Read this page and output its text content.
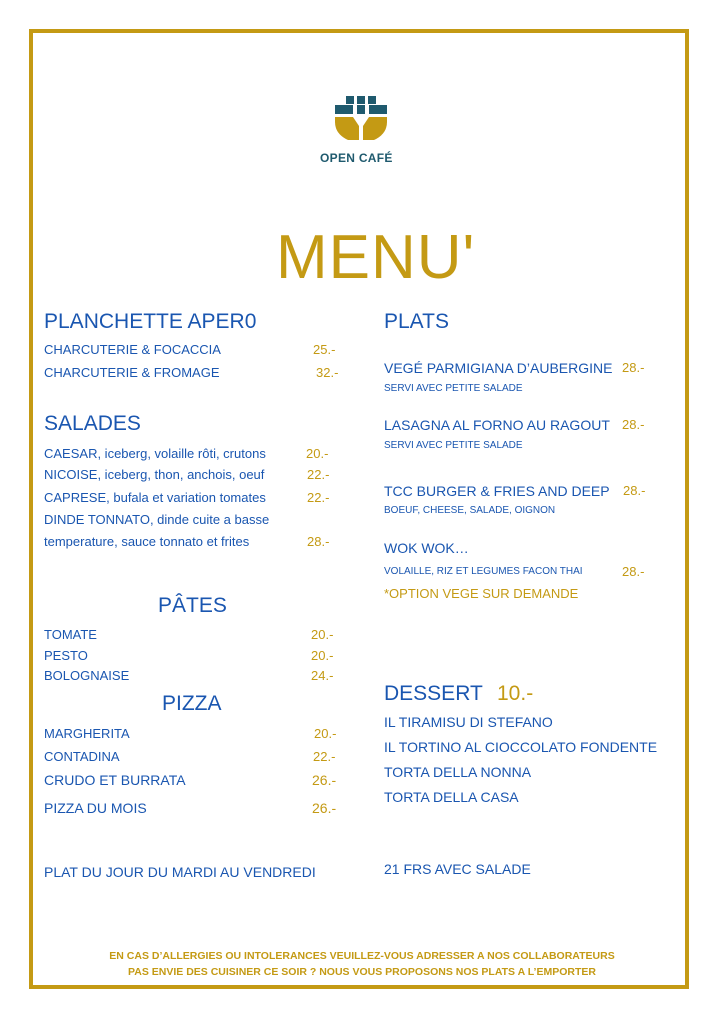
OPEN CAFÉ
MENU'
PLANCHETTE APER0
CHARCUTERIE & FOCACCIA	25.-
CHARCUTERIE & FROMAGE	32.-
SALADES
CAESAR, iceberg, volaille rôti, crutons	20.-
NICOISE, iceberg, thon, anchois, oeuf	22.-
CAPRESE, bufala et variation tomates	22.-
DINDE TONNATO, dinde cuite a basse
temperature, sauce tonnato et frites	28.-
PÂTES
TOMATE	20.-
PESTO	20.-
BOLOGNAISE	24.-
PIZZA
MARGHERITA	20.-
CONTADINA	22.-
CRUDO ET BURRATA	26.-
PIZZA DU MOIS	26.-
PLAT DU JOUR DU MARDI AU VENDREDI
PLATS
VEGÉ PARMIGIANA D’AUBERGINE 28.-
SERVI AVEC PETITE SALADE
LASAGNA AL FORNO AU RAGOUT 28.-
SERVI AVEC PETITE SALADE
TCC BURGER & FRIES AND DEEP 28.-
BOEUF, CHEESE, SALADE, OIGNON
WOK WOK…
VOLAILLE, RIZ ET LEGUMES FACON THAI	28.-
*OPTION VEGE SUR DEMANDE
DESSERT 10.-
IL TIRAMISU DI STEFANO
IL TORTINO AL CIOCCOLATO FONDENTE
TORTA DELLA NONNA
TORTA DELLA CASA
21 FRS AVEC SALADE
EN CAS D’ALLERGIES OU INTOLERANCES VEUILLEZ-VOUS ADRESSER A NOS COLLABORATEURS
PAS ENVIE DES CUISINER CE SOIR ? NOUS VOUS PROPOSONS NOS PLATS A L’EMPORTER
